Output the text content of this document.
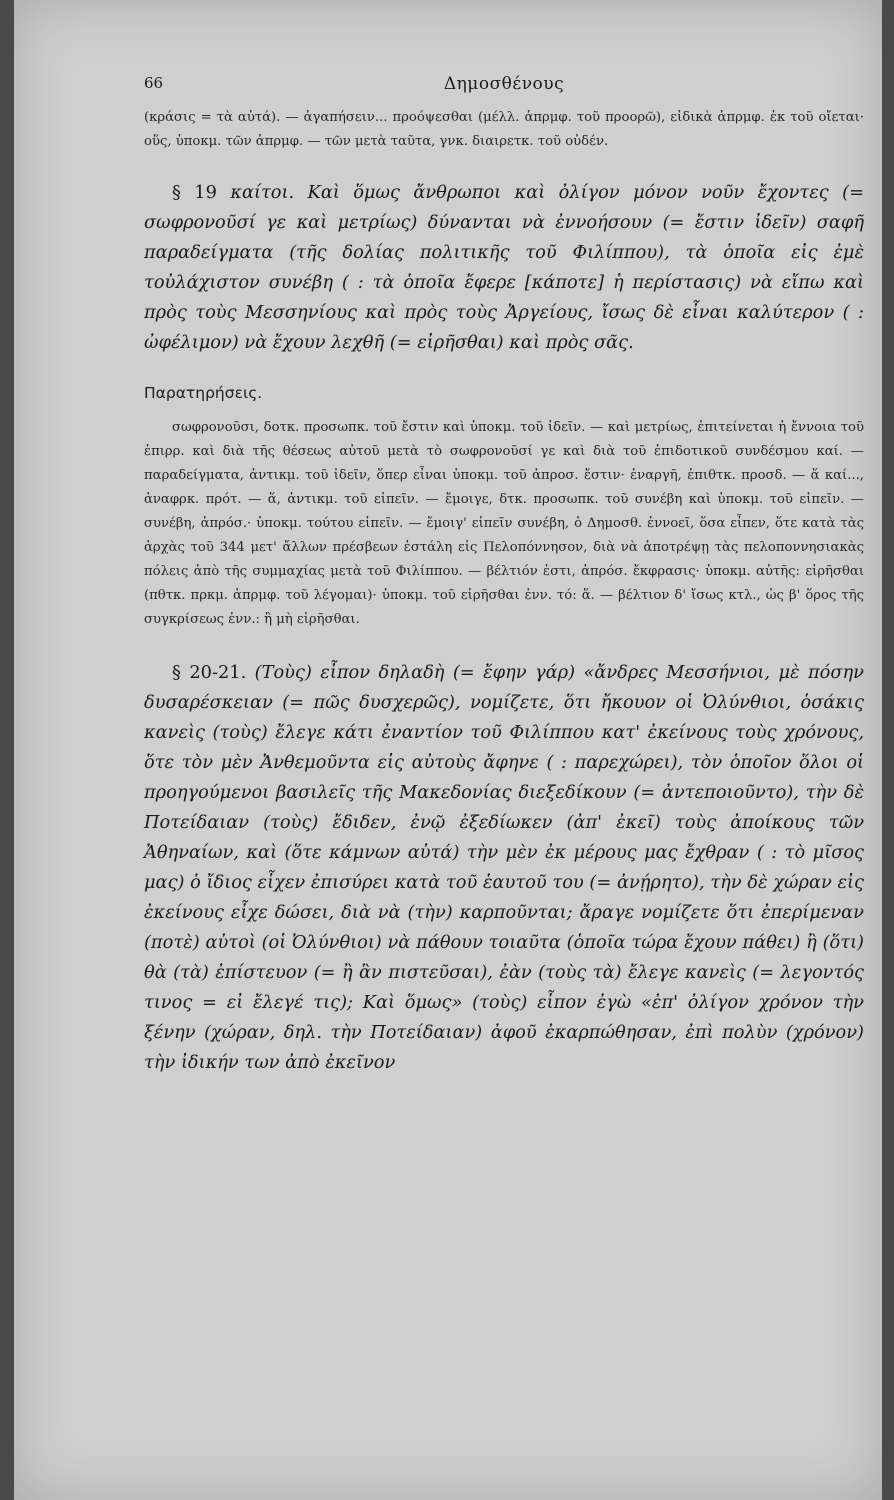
66	Δημοσθένους

(κράσις = τὰ αὐτά). — ἀγαπήσειν... προόψεσθαι (μέλλ. ἀπρμφ. τοῦ προορῶ), εἰδικὰ ἀπρμφ. ἐκ τοῦ οἴεται· οὕς, ὑποκμ. τῶν ἀπρμφ. — τῶν μετὰ ταῦτα, γνκ. διαιρετκ. τοῦ οὐδέν.

§ 19 καίτοι. Καὶ ὅμως ἄνθρωποι καὶ ὀλίγον μόνον νοῦν ἔχοντες (= σωφρονοῦσί γε καὶ μετρίως) δύνανται νὰ ἐννοήσουν (= ἔστιν ἰδεῖν) σαφῆ παραδείγματα (τῆς δολίας πολιτικῆς τοῦ Φιλίππου), τὰ ὁποῖα εἰς ἐμὲ τοὐλάχιστον συνέβη ( : τὰ ὁποῖα ἔφερε [κάποτε] ἡ περίστασις) νὰ εἴπω καὶ πρὸς τοὺς Μεσσηνίους καὶ πρὸς τοὺς Ἀργείους, ἴσως δὲ εἶναι καλύτερον ( : ὠφέλιμον) νὰ ἔχουν λεχθῆ (= εἰρῆσθαι) καὶ πρὸς σᾶς.

Παρατηρήσεις.

σωφρονοῦσι, δοτκ. προσωπκ. τοῦ ἔστιν καὶ ὑποκμ. τοῦ ἰδεῖν. — καὶ μετρίως, ἐπιτείνεται ἡ ἔννοια τοῦ ἐπιρρ. καὶ διὰ τῆς θέσεως αὐτοῦ μετὰ τὸ σωφρονοῦσί γε καὶ διὰ τοῦ ἐπιδοτικοῦ συνδέσμου καί. — παραδείγματα, ἀντικμ. τοῦ ἰδεῖν, ὅπερ εἶναι ὑποκμ. τοῦ ἀπροσ. ἔστιν· ἐναργῆ, ἐπιθτκ. προσδ. — ἅ καί..., ἀναφρκ. πρότ. — ἅ, ἀντικμ. τοῦ εἰπεῖν. — ἔμοιγε, δτκ. προσωπκ. τοῦ συνέβη καὶ ὑποκμ. τοῦ εἰπεῖν. — συνέβη, ἀπρόσ.· ὑποκμ. τούτου εἰπεῖν. — ἔμοιγ' εἰπεῖν συνέβη, ὁ Δημοσθ. ἐννοεῖ, ὅσα εἶπεν, ὅτε κατὰ τὰς ἀρχὰς τοῦ 344 μετ' ἄλλων πρέσβεων ἐστάλη εἰς Πελοπόννησον, διὰ νὰ ἀποτρέψῃ τὰς πελοποννησιακὰς πόλεις ἀπὸ τῆς συμμαχίας μετὰ τοῦ Φιλίππου. — βέλτιόν ἐστι, ἀπρόσ. ἔκφρασις· ὑποκμ. αὐτῆς: εἰρῆσθαι (πθτκ. πρκμ. ἀπρμφ. τοῦ λέγομαι)· ὑποκμ. τοῦ εἰρῆσθαι ἐνν. τό: ἅ. — βέλτιον δ' ἴσως κτλ., ὡς β' ὅρος τῆς συγκρίσεως ἐνν.: ἢ μὴ εἰρῆσθαι.

§ 20-21. (Τοὺς) εἶπον δηλαδὴ (= ἔφην γάρ) «ἄνδρες Μεσσήνιοι, μὲ πόσην δυσαρέσκειαν (= πῶς δυσχερῶς), νομίζετε, ὅτι ἤκουον οἱ Ὀλύνθιοι, ὁσάκις κανεὶς (τοὺς) ἔλεγε κάτι ἐναντίον τοῦ Φιλίππου κατ' ἐκείνους τοὺς χρόνους, ὅτε τὸν μὲν Ἀνθεμοῦντα εἰς αὐτοὺς ἄφηνε ( : παρεχώρει), τὸν ὁποῖον ὅλοι οἱ προηγούμενοι βασιλεῖς τῆς Μακεδονίας διεξεδίκουν (= ἀντεποιοῦντο), τὴν δὲ Ποτείδαιαν (τοὺς) ἔδιδεν, ἐνῷ ἐξεδίωκεν (ἀπ' ἐκεῖ) τοὺς ἀποίκους τῶν Ἀθηναίων, καὶ (ὅτε κάμνων αὐτά) τὴν μὲν ἐκ μέρους μας ἔχθραν ( : τὸ μῖσος μας) ὁ ἴδιος εἶχεν ἐπισύρει κατὰ τοῦ ἑαυτοῦ του (= ἀνῄρητο), τὴν δὲ χώραν εἰς ἐκείνους εἶχε δώσει, διὰ νὰ (τὴν) καρποῦνται; ἄραγε νομίζετε ὅτι ἐπερίμεναν (ποτὲ) αὐτοὶ (οἱ Ὀλύνθιοι) νὰ πάθουν τοιαῦτα (ὁποῖα τώρα ἔχουν πάθει) ἢ (ὅτι) θὰ (τὰ) ἐπίστευον (= ἢ ἂν πιστεῦσαι), ἐὰν (τοὺς τὰ) ἔλεγε κανεὶς (= λεγοντός τινος = εἰ ἔλεγέ τις); Καὶ ὅμως» (τοὺς) εἶπον ἐγὼ «ἐπ' ὀλίγον χρόνον τὴν ξένην (χώραν, δηλ. τὴν Ποτείδαιαν) ἀφοῦ ἐκαρπώθησαν, ἐπὶ πολὺν (χρόνον) τὴν ἰδικήν των ἀπὸ ἐκεῖνον
